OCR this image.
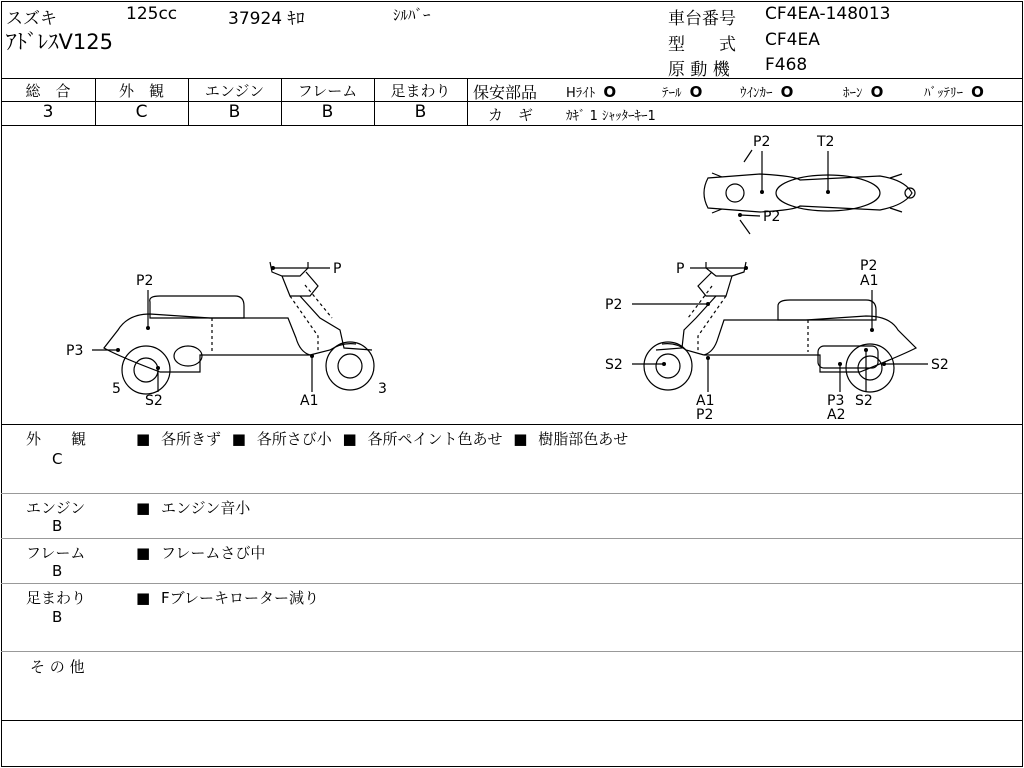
スズキ	125cc	37924 ｷﾛ	ｼﾙﾊﾞｰ
ｱﾄﾞﾚｽV125
車台番号 CF4EA-148013
型　　式 CF4EA
原 動 機 F468
総　合	外　観	エンジン	フレーム	足まわり
3	C	B	B	B
保安部品 Hﾗｲﾄ O	ﾃｰﾙ O	ｳｲﾝｶｰ O	ﾎｰﾝ O	ﾊﾞｯﾃﾘｰ O
カ　ギ	ｶｷﾞ 1 ｼｬｯﾀｰｷｰ1
P2	T2
P2
P
P2
P3
5
S2	A1
3
P
P2
S2
A1
P2
P2
A1
P3
A2
S2
S2
外　　観
C
■ 各所きず ■ 各所さび小 ■ 各所ペイント色あせ ■ 樹脂部色あせ
エンジン
B
■ エンジン音小
フレーム
B
■ フレームさび中
足まわり
B
■ Fブレーキローター減り
そ の 他
